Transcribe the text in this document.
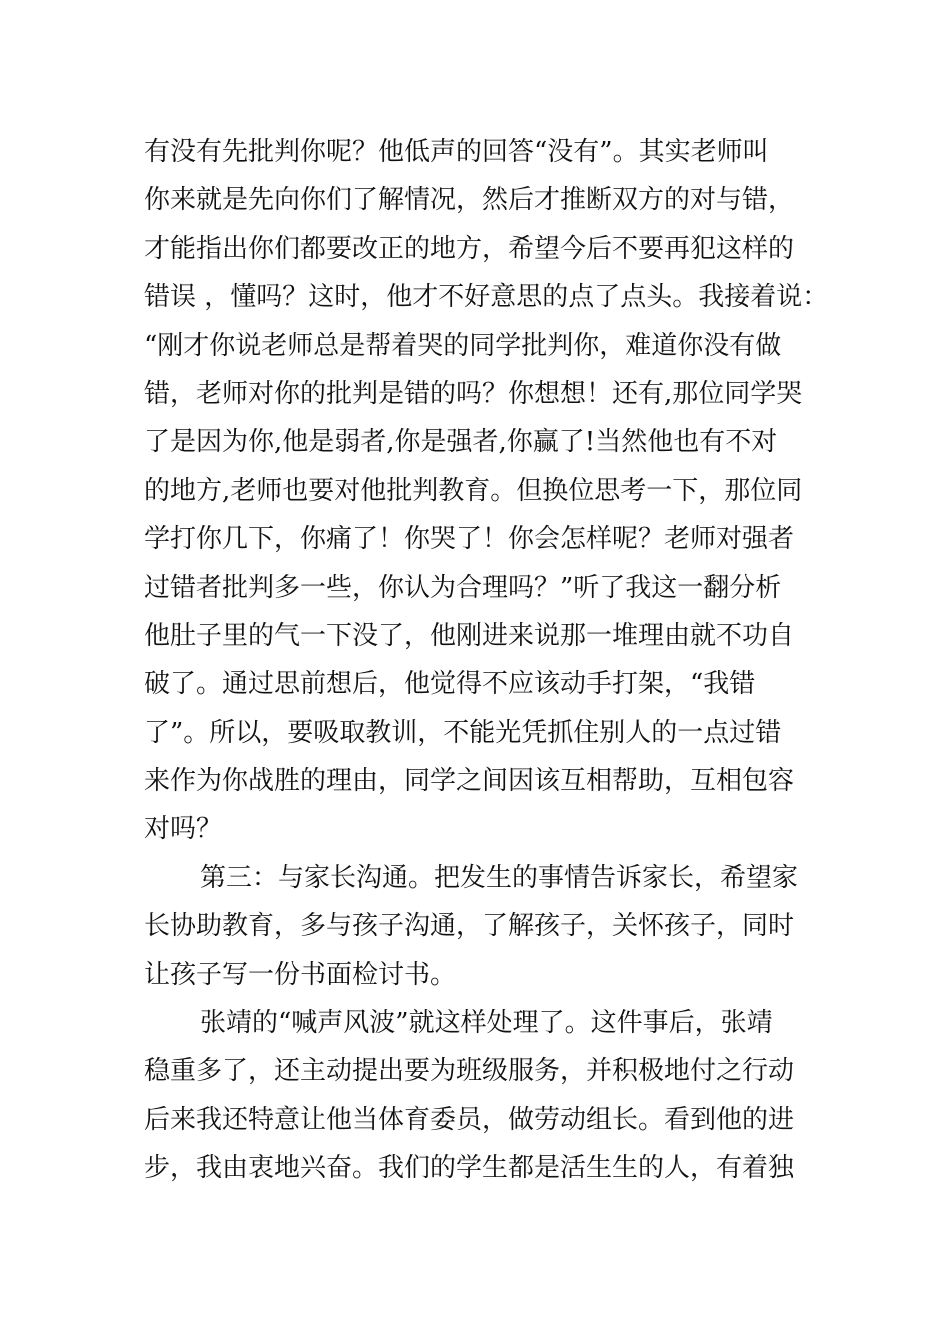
有没有先批判你呢？他低声的回答“没有”。其实老师叫
你来就是先向你们了解情况，然后才推断双方的对与错，
才能指出你们都要改正的地方，希望今后不要再犯这样的
错误 ，懂吗？这时，他才不好意思的点了点头。我接着说：
“刚才你说老师总是帮着哭的同学批判你，难道你没有做
错，老师对你的批判是错的吗？你想想！还有,那位同学哭
了是因为你,他是弱者,你是强者,你赢了!当然他也有不对
的地方,老师也要对他批判教育。但换位思考一下，那位同
学打你几下，你痛了！你哭了！你会怎样呢？老师对强者
过错者批判多一些，你认为合理吗？”听了我这一翻分析
他肚子里的气一下没了，他刚进来说那一堆理由就不功自
破了。通过思前想后，他觉得不应该动手打架，“我错
了”。所以，要吸取教训，不能光凭抓住别人的一点过错
来作为你战胜的理由，同学之间因该互相帮助，互相包容
对吗？
第三：与家长沟通。把发生的事情告诉家长，希望家
长协助教育，多与孩子沟通，了解孩子，关怀孩子，同时
让孩子写一份书面检讨书。
张靖的“喊声风波”就这样处理了。这件事后，张靖
稳重多了，还主动提出要为班级服务，并积极地付之行动
后来我还特意让他当体育委员，做劳动组长。看到他的进
步，我由衷地兴奋。我们的学生都是活生生的人，有着独
